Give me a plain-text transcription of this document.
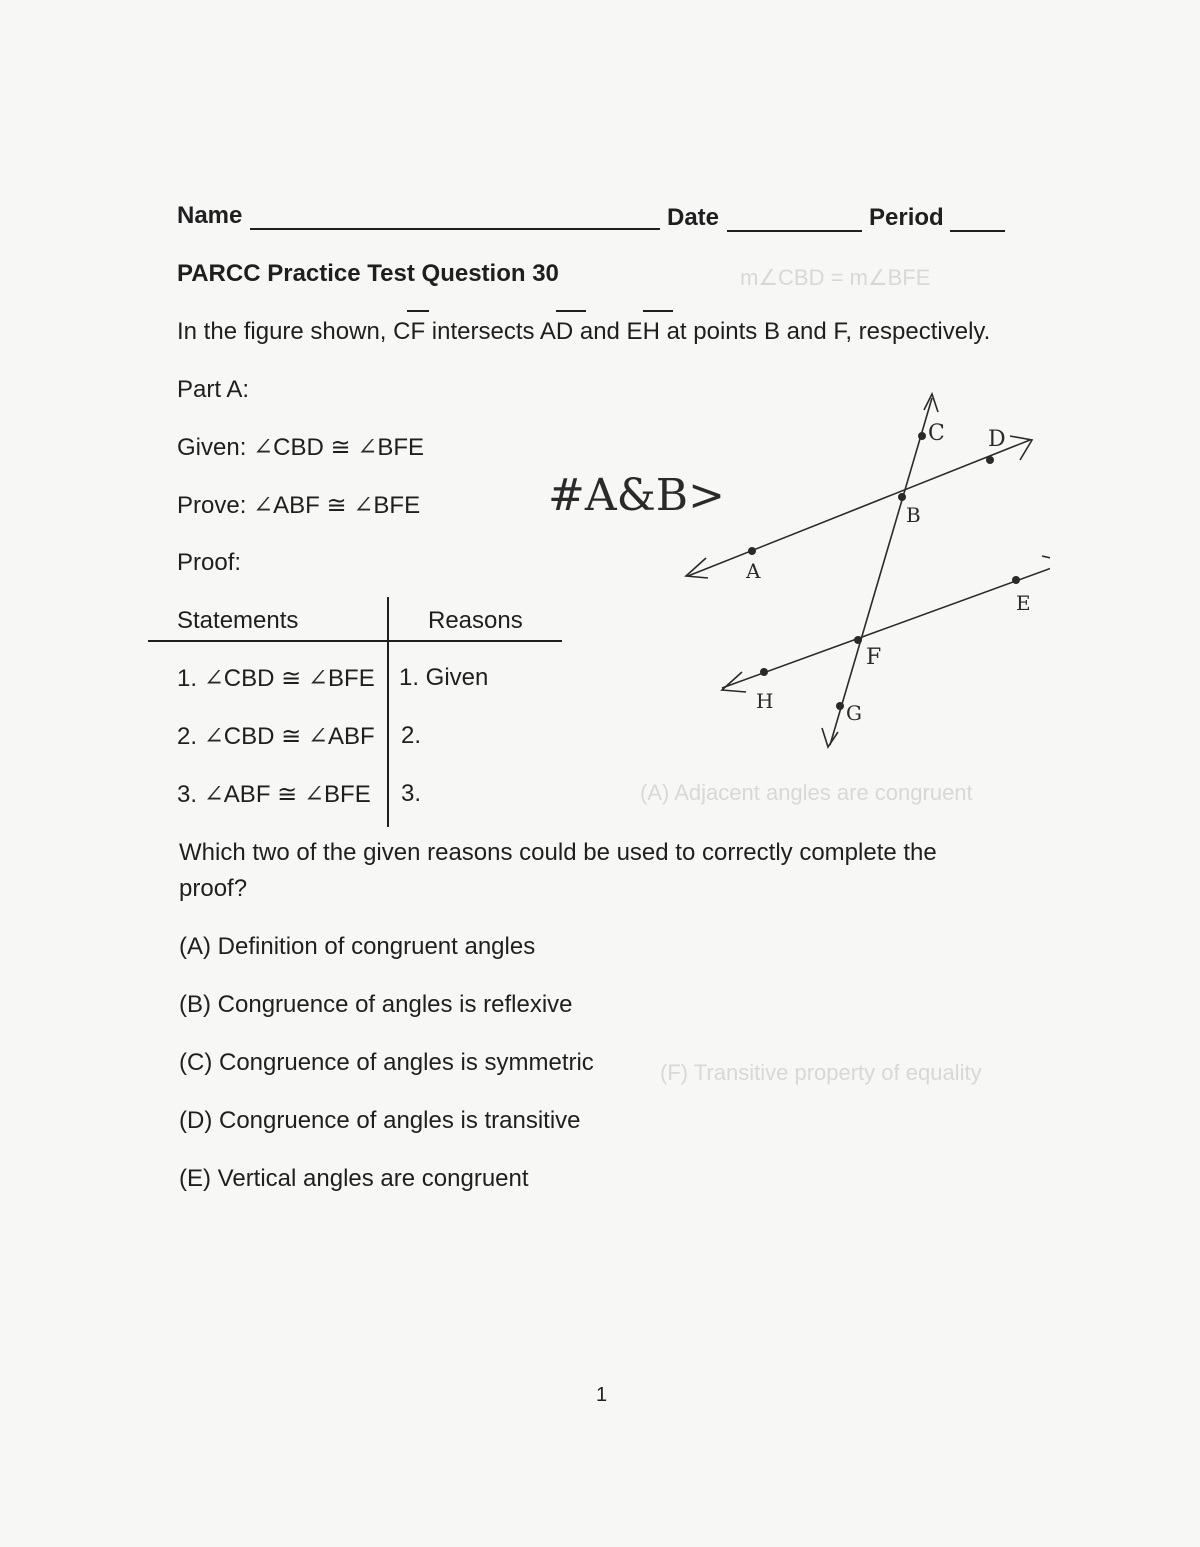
m∠CBD = m∠BFE
(A) Adjacent angles are congruent
(F) Transitive property of equality
Name	Date	Period
PARCC Practice Test Question 30
In the figure shown, CF intersects AD and EH at points B and F, respectively.
Part A:
Given: ∠CBD ≅ ∠BFE
Prove: ∠ABF ≅ ∠BFE	#A&B>
Proof:
Statements	Reasons
1. ∠CBD ≅ ∠BFE 1. Given
2. ∠CBD ≅ ∠ABF 2.
3. ∠ABF ≅ ∠BFE 3.
C D
B
A
E
F
H	G
Which two of the given reasons could be used to correctly complete the
proof?
(A) Definition of congruent angles
(B) Congruence of angles is reflexive
(C) Congruence of angles is symmetric
(D) Congruence of angles is transitive
(E) Vertical angles are congruent
1
